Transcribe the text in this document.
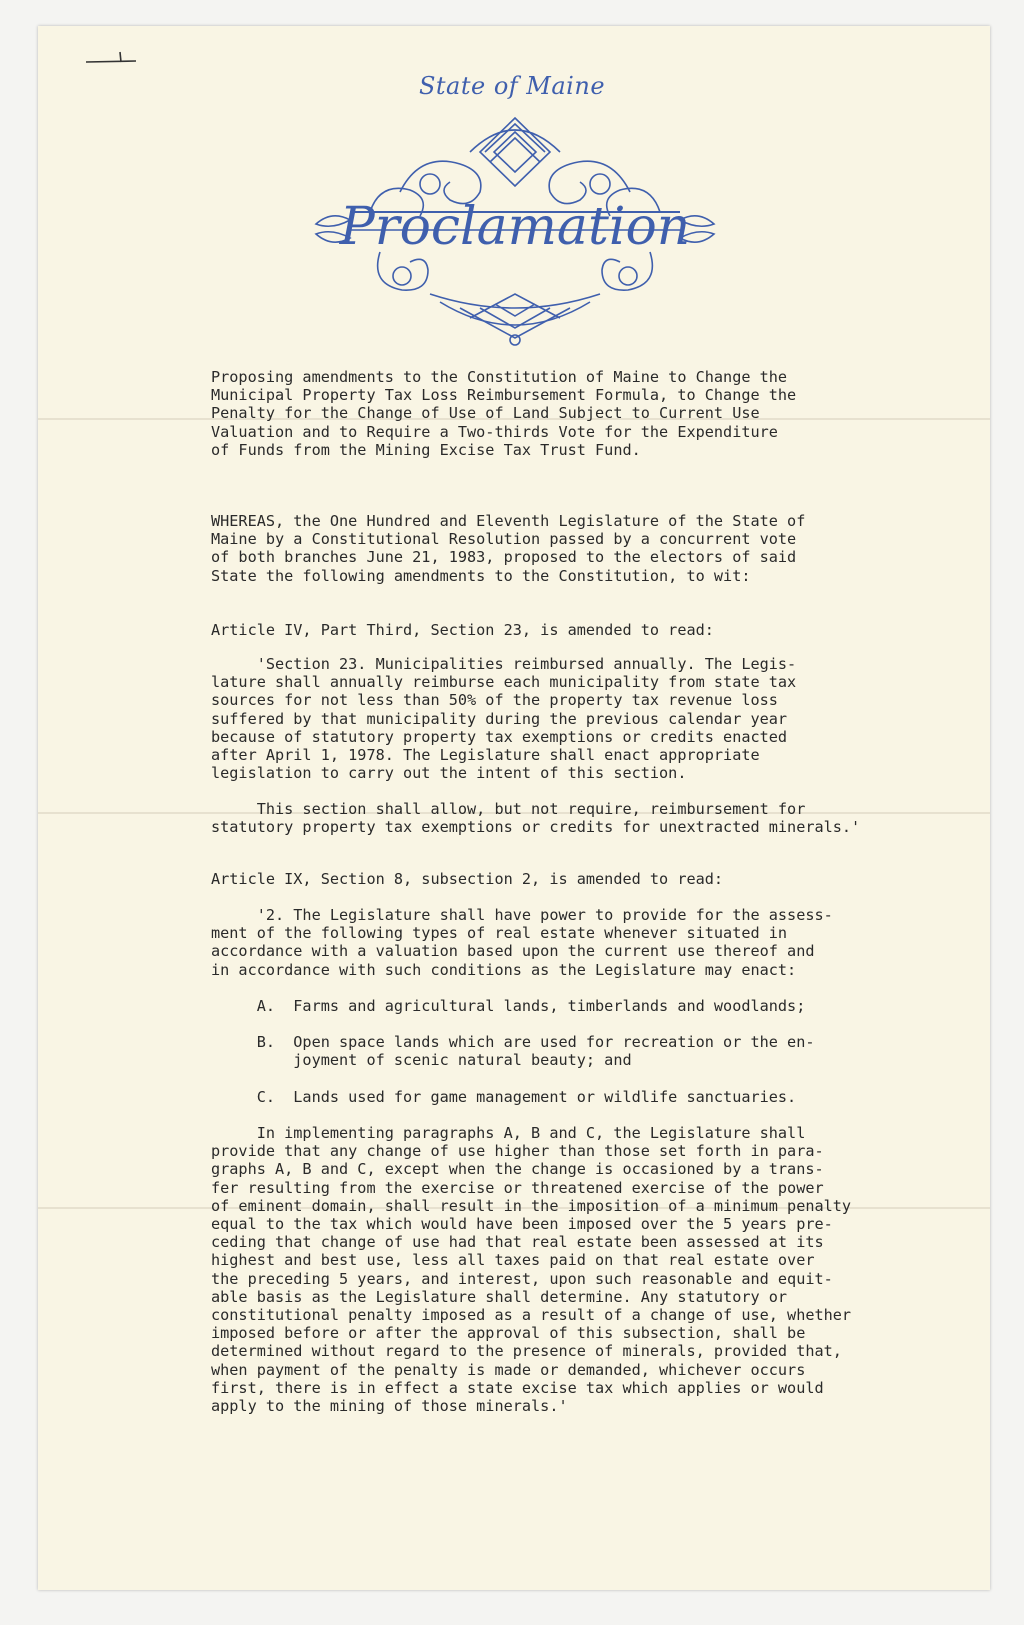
State of Maine
Proclamation
Proposing amendments to the Constitution of Maine to Change the
Municipal Property Tax Loss Reimbursement Formula, to Change the
Penalty for the Change of Use of Land Subject to Current Use
Valuation and to Require a Two-thirds Vote for the Expenditure
of Funds from the Mining Excise Tax Trust Fund.
WHEREAS, the One Hundred and Eleventh Legislature of the State of
Maine by a Constitutional Resolution passed by a concurrent vote
of both branches June 21, 1983, proposed to the electors of said
State the following amendments to the Constitution, to wit:
Article IV, Part Third, Section 23, is amended to read:
'Section 23. Municipalities reimbursed annually. The Legis-
lature shall annually reimburse each municipality from state tax
sources for not less than 50% of the property tax revenue loss
suffered by that municipality during the previous calendar year
because of statutory property tax exemptions or credits enacted
after April 1, 1978. The Legislature shall enact appropriate
legislation to carry out the intent of this section.
This section shall allow, but not require, reimbursement for
statutory property tax exemptions or credits for unextracted minerals.'
Article IX, Section 8, subsection 2, is amended to read:
'2. The Legislature shall have power to provide for the assess-
ment of the following types of real estate whenever situated in
accordance with a valuation based upon the current use thereof and
in accordance with such conditions as the Legislature may enact:
A.  Farms and agricultural lands, timberlands and woodlands;
B.  Open space lands which are used for recreation or the en-
joyment of scenic natural beauty; and
C.  Lands used for game management or wildlife sanctuaries.
In implementing paragraphs A, B and C, the Legislature shall
provide that any change of use higher than those set forth in para-
graphs A, B and C, except when the change is occasioned by a trans-
fer resulting from the exercise or threatened exercise of the power
of eminent domain, shall result in the imposition of a minimum penalty
equal to the tax which would have been imposed over the 5 years pre-
ceding that change of use had that real estate been assessed at its
highest and best use, less all taxes paid on that real estate over
the preceding 5 years, and interest, upon such reasonable and equit-
able basis as the Legislature shall determine. Any statutory or
constitutional penalty imposed as a result of a change of use, whether
imposed before or after the approval of this subsection, shall be
determined without regard to the presence of minerals, provided that,
when payment of the penalty is made or demanded, whichever occurs
first, there is in effect a state excise tax which applies or would
apply to the mining of those minerals.'
